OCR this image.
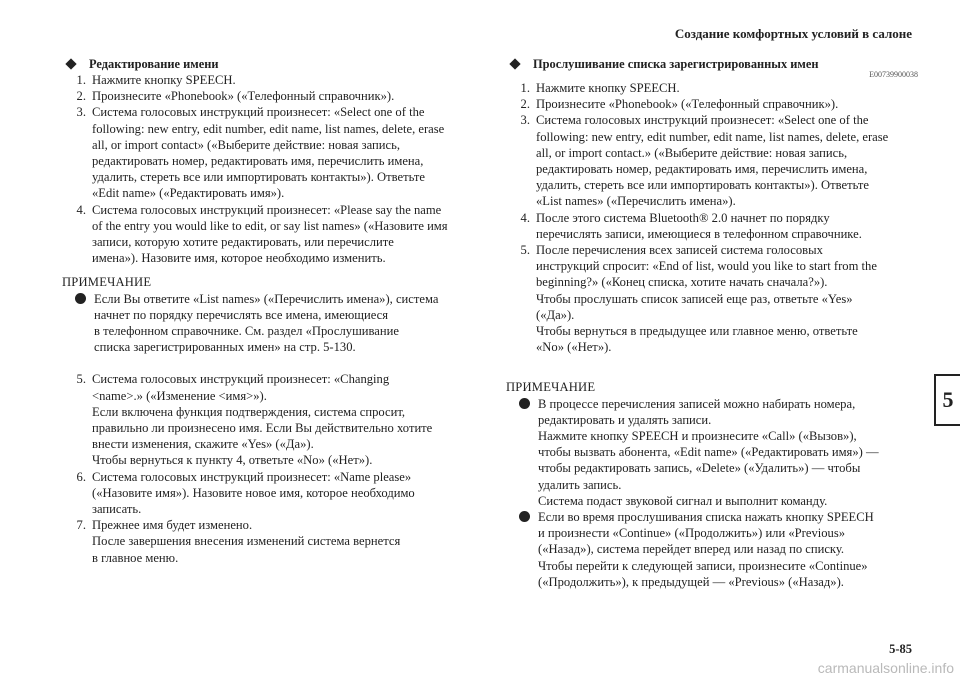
Создание комфортных условий в салоне
5
Редактирование имени
1. Нажмите кнопку SPEECH.
2. Произнесите «Phonebook» («Телефонный справочник»).
3. Система голосовых инструкций произнесет: «Select one of the
following: new entry, edit number, edit name, list names, delete, erase
all, or import contact» («Выберите действие: новая запись,
редактировать номер, редактировать имя, перечислить имена,
удалить, стереть все или импортировать контакты»). Ответьте
«Edit name» («Редактировать имя»).
4. Система голосовых инструкций произнесет: «Please say the name
of the entry you would like to edit, or say list names» («Назовите имя
записи, которую хотите редактировать, или перечислите
имена»). Назовите имя, которое необходимо изменить.
ПРИМЕЧАНИЕ
Если Вы ответите «List names» («Перечислить имена»), система
начнет по порядку перечислять все имена, имеющиеся
в телефонном справочнике. См. раздел «Прослушивание
списка зарегистрированных имен» на стр. 5-130.
5. Система голосовых инструкций произнесет: «Changing
<name>.» («Изменение <имя>»).
Если включена функция подтверждения, система спросит,
правильно ли произнесено имя. Если Вы действительно хотите
внести изменения, скажите «Yes» («Да»).
Чтобы вернуться к пункту 4, ответьте «No» («Нет»).
6. Система голосовых инструкций произнесет: «Name please»
(«Назовите имя»). Назовите новое имя, которое необходимо
записать.
7. Прежнее имя будет изменено.
После завершения внесения изменений система вернется
в главное меню.
Прослушивание списка зарегистрированных имен
E00739900038
1. Нажмите кнопку SPEECH.
2. Произнесите «Phonebook» («Телефонный справочник»).
3. Система голосовых инструкций произнесет: «Select one of the
following: new entry, edit number, edit name, list names, delete, erase
all, or import contact.» («Выберите действие: новая запись,
редактировать номер, редактировать имя, перечислить имена,
удалить, стереть все или импортировать контакты»). Ответьте
«List names» («Перечислить имена»).
4. После этого система Bluetooth® 2.0 начнет по порядку
перечислять записи, имеющиеся в телефонном справочнике.
5. После перечисления всех записей система голосовых
инструкций спросит: «End of list, would you like to start from the
beginning?» («Конец списка, хотите начать сначала?»).
Чтобы прослушать список записей еще раз, ответьте «Yes»
(«Да»).
Чтобы вернуться в предыдущее или главное меню, ответьте
«No» («Нет»).
ПРИМЕЧАНИЕ
В процессе перечисления записей можно набирать номера,
редактировать и удалять записи.
Нажмите кнопку SPEECH и произнесите «Call» («Вызов»),
чтобы вызвать абонента, «Edit name» («Редактировать имя») —
чтобы редактировать запись, «Delete» («Удалить») — чтобы
удалить запись.
Система подаст звуковой сигнал и выполнит команду.
Если во время прослушивания списка нажать кнопку SPEECH
и произнести «Continue» («Продолжить») или «Previous»
(«Назад»), система перейдет вперед или назад по списку.
Чтобы перейти к следующей записи, произнесите «Continue»
(«Продолжить»), к предыдущей — «Previous» («Назад»).
5-85
carmanualsonline.info
